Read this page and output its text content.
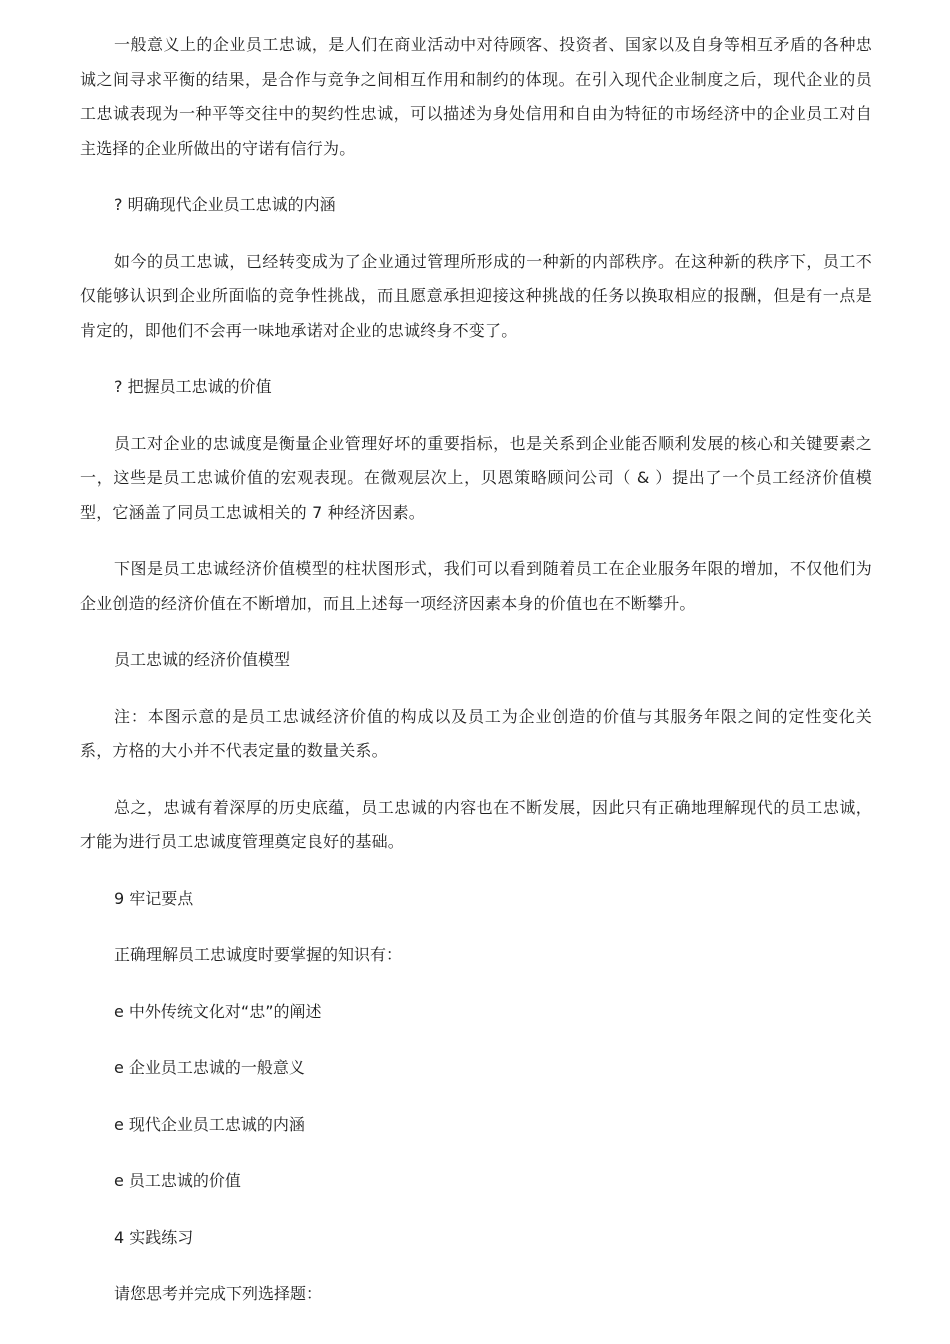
一般意义上的企业员工忠诚，是人们在商业活动中对待顾客、投资者、国家以及自身等相互矛盾的各种忠诚之间寻求平衡的结果，是合作与竞争之间相互作用和制约的体现。在引入现代企业制度之后，现代企业的员工忠诚表现为一种平等交往中的契约性忠诚，可以描述为身处信用和自由为特征的市场经济中的企业员工对自主选择的企业所做出的守诺有信行为。

? 明确现代企业员工忠诚的内涵

如今的员工忠诚，已经转变成为了企业通过管理所形成的一种新的内部秩序。在这种新的秩序下，员工不仅能够认识到企业所面临的竞争性挑战，而且愿意承担迎接这种挑战的任务以换取相应的报酬，但是有一点是肯定的，即他们不会再一味地承诺对企业的忠诚终身不变了。

? 把握员工忠诚的价值

员工对企业的忠诚度是衡量企业管理好坏的重要指标，也是关系到企业能否顺利发展的核心和关键要素之一，这些是员工忠诚价值的宏观表现。在微观层次上，贝恩策略顾问公司（ & ）提出了一个员工经济价值模型，它涵盖了同员工忠诚相关的 7 种经济因素。

下图是员工忠诚经济价值模型的柱状图形式，我们可以看到随着员工在企业服务年限的增加，不仅他们为企业创造的经济价值在不断增加，而且上述每一项经济因素本身的价值也在不断攀升。

员工忠诚的经济价值模型

注：本图示意的是员工忠诚经济价值的构成以及员工为企业创造的价值与其服务年限之间的定性变化关系，方格的大小并不代表定量的数量关系。

总之，忠诚有着深厚的历史底蕴，员工忠诚的内容也在不断发展，因此只有正确地理解现代的员工忠诚，才能为进行员工忠诚度管理奠定良好的基础。

9 牢记要点

正确理解员工忠诚度时要掌握的知识有：

e 中外传统文化对“忠”的阐述

e 企业员工忠诚的一般意义

e 现代企业员工忠诚的内涵

e 员工忠诚的价值

4 实践练习

请您思考并完成下列选择题：
